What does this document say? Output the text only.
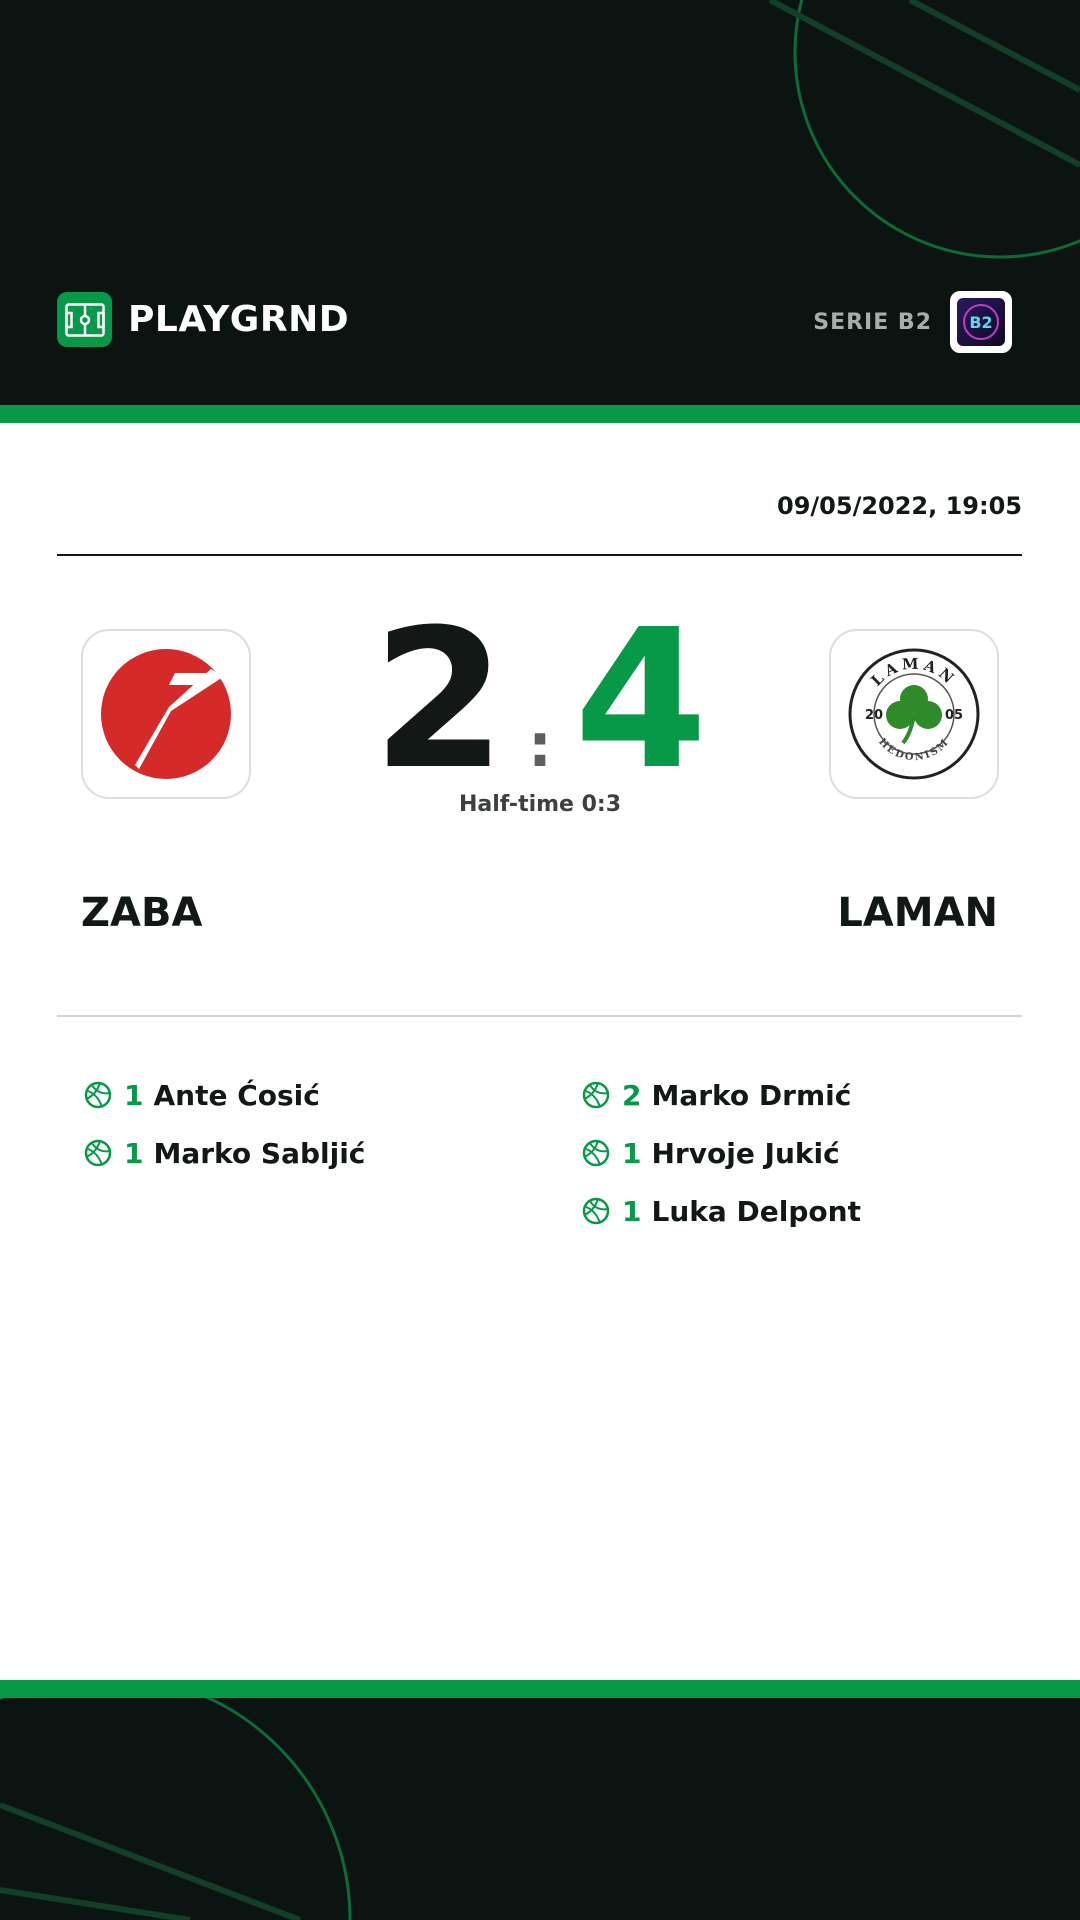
PLAYGRND	SERIE B2 B2
09/05/2022, 19:05
2 : 4
Half-time 0:3
LAMAN
HEDONISM
20	05
ZABA	LAMAN
1 Ante Ćosić
1 Marko Sabljić
2 Marko Drmić
1 Hrvoje Jukić
1 Luka Delpont
